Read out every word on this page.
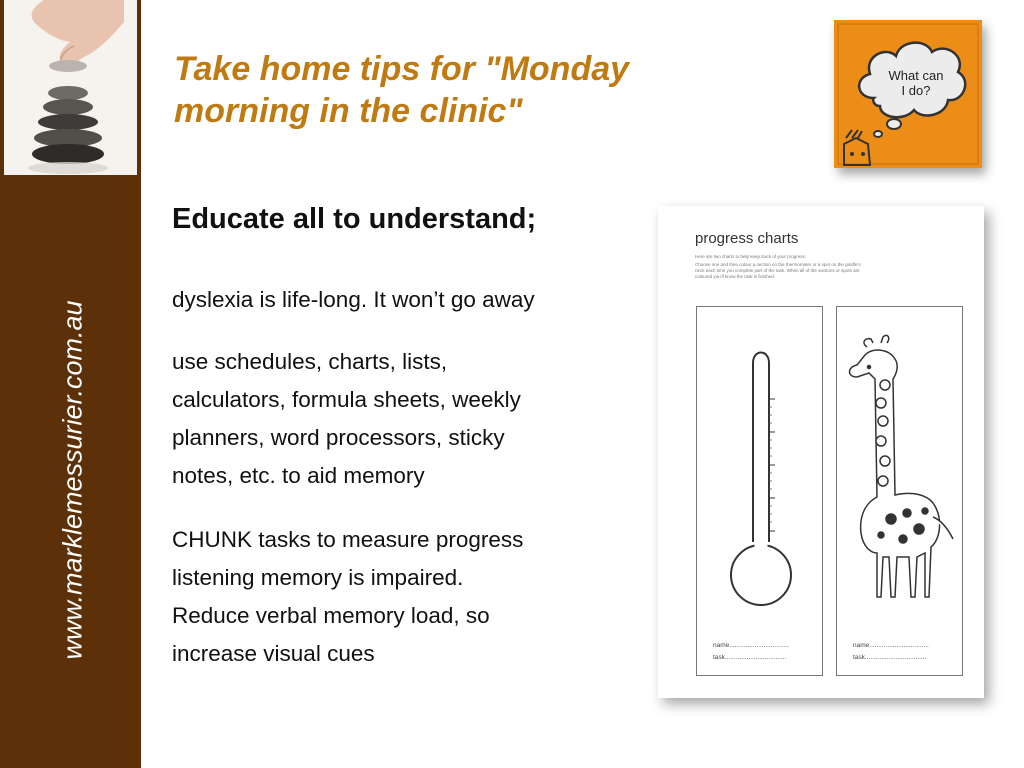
www.marklemessurier.com.au
Take home tips for "Monday
morning in the clinic"
What can
I do?
Educate all to understand;
dyslexia is life-long. It won’t go away
use schedules, charts, lists,
calculators, formula sheets, weekly
planners, word processors, sticky
notes, etc. to aid memory
CHUNK tasks to measure progress
listening memory is impaired.
Reduce verbal memory load, so
increase visual cues
progress charts
Here are two charts to help keep track of your progress.
Choose one and then colour a section on the thermometer or a spot on the giraffe’s
neck each time you complete part of the task. When all of the sections or spots are
coloured you’ll know the task is finished.
name.................................
task..................................
name.................................
task..................................
